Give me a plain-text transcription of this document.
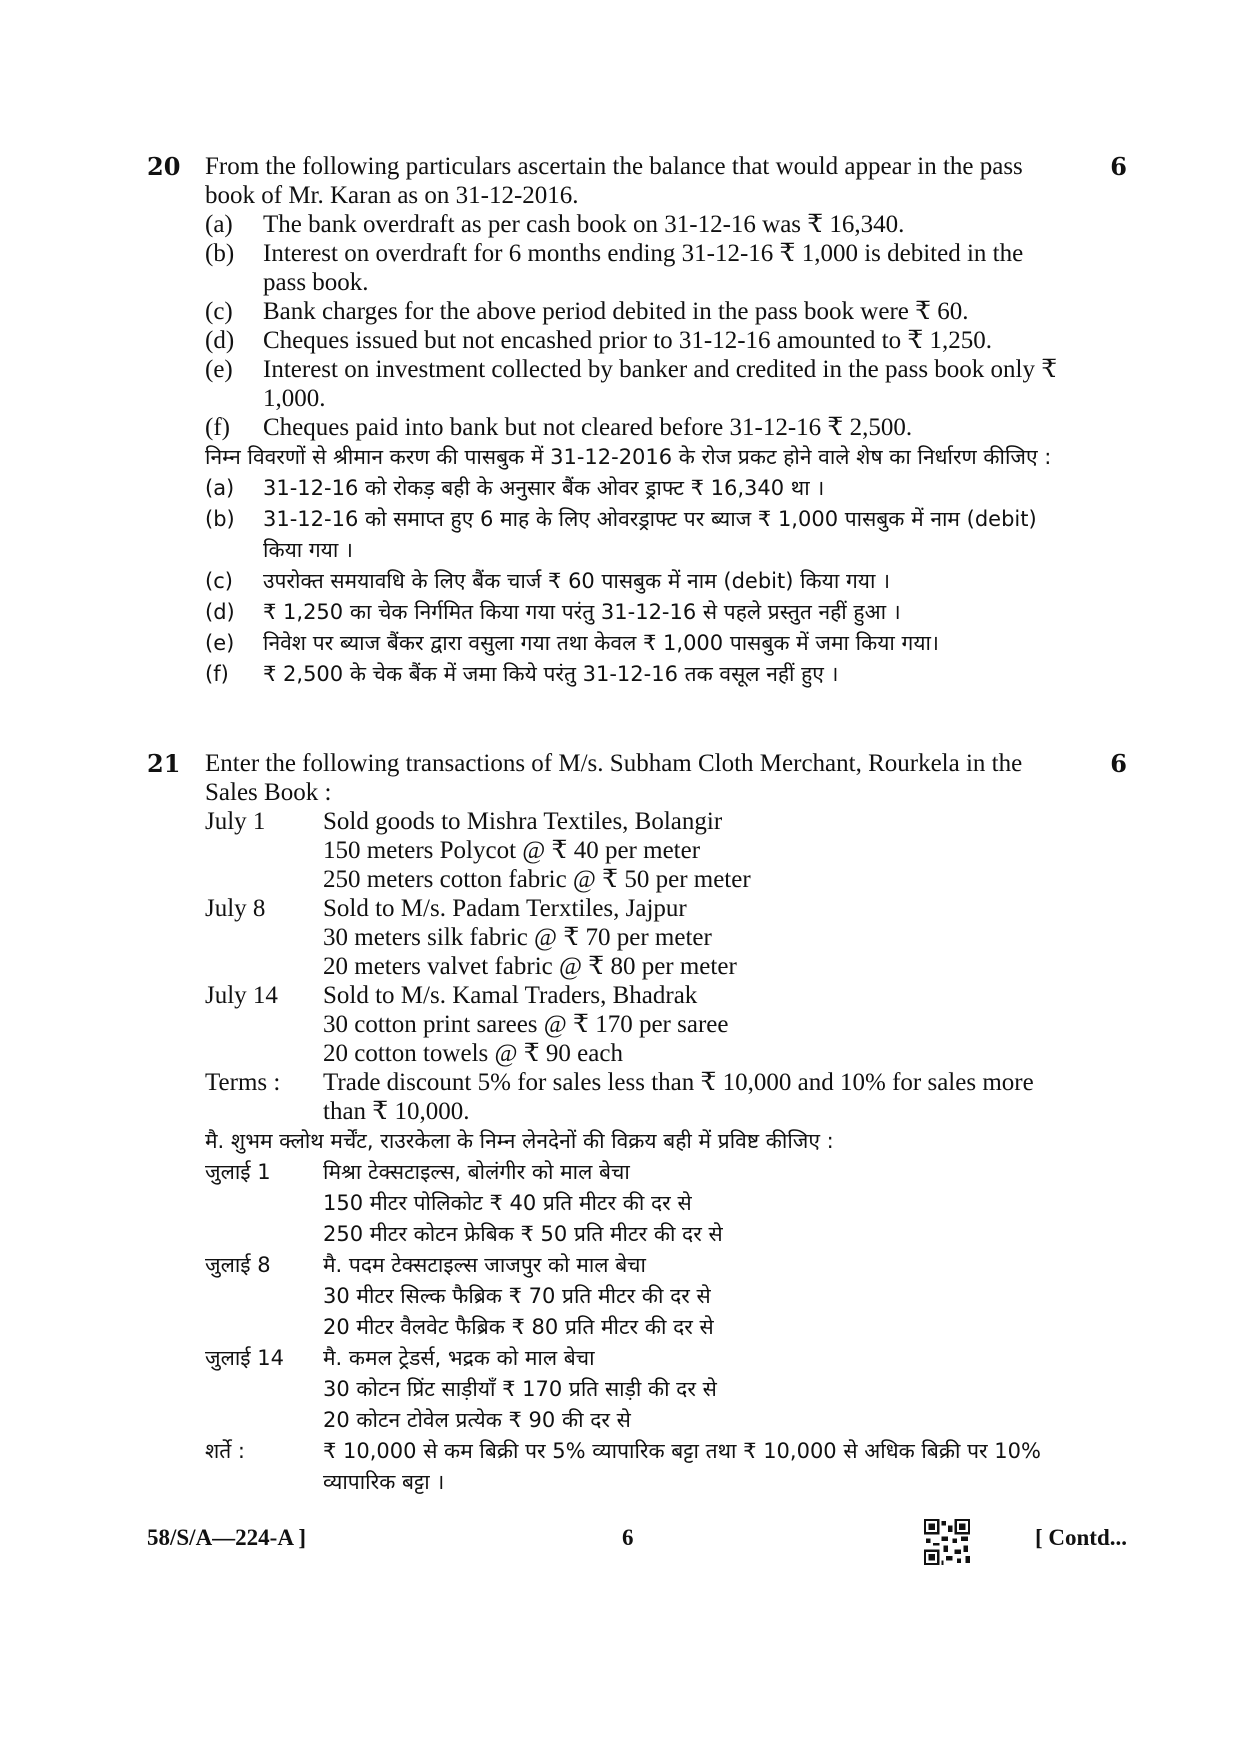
20	6
From the following particulars ascertain the balance that would appear in the pass book of Mr. Karan as on 31-12-2016.
(a)	The bank overdraft as per cash book on 31-12-16 was ₹ 16,340.
(b)	Interest on overdraft for 6 months ending 31-12-16 ₹ 1,000 is debited in the pass book.
(c)	Bank charges for the above period debited in the pass book were ₹ 60.
(d)	Cheques issued but not encashed prior to 31-12-16 amounted to ₹ 1,250.
(e)	Interest on investment collected by banker and credited in the pass book only ₹ 1,000.
(f)	Cheques paid into bank but not cleared before 31-12-16 ₹ 2,500.
निम्न विवरणों से श्रीमान करण की पासबुक में 31-12-2016 के रोज प्रकट होने वाले शेष का निर्धारण कीजिए :
(a)	31-12-16 को रोकड़ बही के अनुसार बैंक ओवर ड्राफ्ट ₹ 16,340 था ।
(b)	31-12-16 को समाप्त हुए 6 माह के लिए ओवरड्राफ्ट पर ब्याज ₹ 1,000 पासबुक में नाम (debit) किया गया ।
(c)	उपरोक्त समयावधि के लिए बैंक चार्ज ₹ 60 पासबुक में नाम (debit) किया गया ।
(d)	₹ 1,250 का चेक निर्गमित किया गया परंतु 31-12-16 से पहले प्रस्तुत नहीं हुआ ।
(e)	निवेश पर ब्याज बैंकर द्वारा वसुला गया तथा केवल ₹ 1,000 पासबुक में जमा किया गया।
(f)	₹ 2,500 के चेक बैंक में जमा किये परंतु 31-12-16 तक वसूल नहीं हुए ।
21	6
Enter the following transactions of M/s. Subham Cloth Merchant, Rourkela in the Sales Book :
July 1	Sold goods to Mishra Textiles, Bolangir
150 meters Polycot @ ₹ 40 per meter
250 meters cotton fabric @ ₹ 50 per meter
July 8	Sold to M/s. Padam Terxtiles, Jajpur
30 meters silk fabric @ ₹ 70 per meter
20 meters valvet fabric @ ₹ 80 per meter
July 14	Sold to M/s. Kamal Traders, Bhadrak
30 cotton print sarees @ ₹ 170 per saree
20 cotton towels @ ₹ 90 each
Terms :	Trade discount 5% for sales less than ₹ 10,000 and 10% for sales more than ₹ 10,000.
मै. शुभम क्लोथ मर्चेंट, राउरकेला के निम्न लेनदेनों की विक्रय बही में प्रविष्ट कीजिए :
जुलाई 1	मिश्रा टेक्सटाइल्स, बोलंगीर को माल बेचा
150 मीटर पोलिकोट ₹ 40 प्रति मीटर की दर से
250 मीटर कोटन फ्रेबिक ₹ 50 प्रति मीटर की दर से
जुलाई 8	मै. पदम टेक्सटाइल्स जाजपुर को माल बेचा
30 मीटर सिल्क फैब्रिक ₹ 70 प्रति मीटर की दर से
20 मीटर वैलवेट फैब्रिक ₹ 80 प्रति मीटर की दर से
जुलाई 14	मै. कमल ट्रेडर्स, भद्रक को माल बेचा
30 कोटन प्रिंट साड़ीयाँ ₹ 170 प्रति साड़ी की दर से
20 कोटन टोवेल प्रत्येक ₹ 90 की दर से
शर्ते :	₹ 10,000 से कम बिक्री पर 5% व्यापारिक बट्टा तथा ₹ 10,000 से अधिक बिक्री पर 10% व्यापारिक बट्टा ।
58/S/A—224-A ]	6	[ Contd...
